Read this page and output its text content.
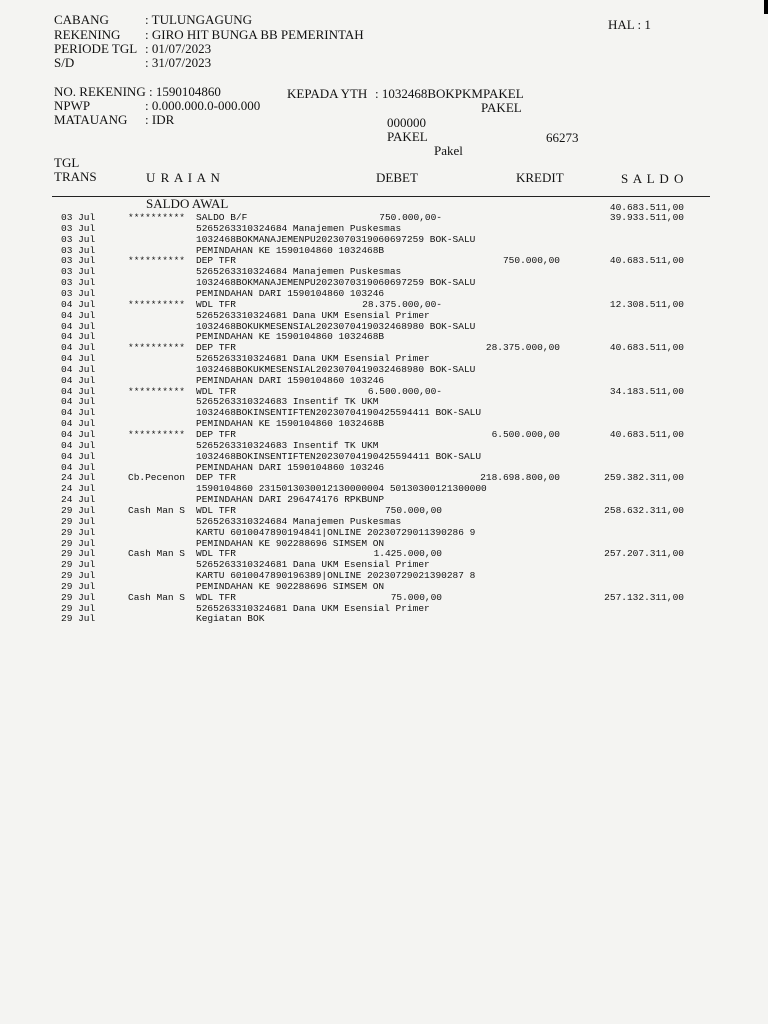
CABANG	: TULUNGAGUNG
REKENING : GIRO HIT BUNGA BB PEMERINTAH
PERIODE TGL : 01/07/2023
S/D	: 31/07/2023
HAL : 1
NO. REKENING : 1590104860
NPWP	: 0.000.000.0-000.000
MATAUANG : IDR
KEPADA YTH : 1032468BOKPKMPAKEL
PAKEL
000000
PAKEL	66273
Pakel
TGL
TRANS	U R A I A N	DEBET	KREDIT	S A L D O
SALDO AWAL	40.683.511,00
03 Jul	********** SALDO B/F	750.000,00-	39.933.511,00
03 Jul	5265263310324684 Manajemen Puskesmas
03 Jul	1032468BOKMANAJEMENPU2023070319060697259 BOK-SALU
03 Jul	PEMINDAHAN KE 1590104860 1032468B
03 Jul	********** DEP TFR	750.000,00	40.683.511,00
03 Jul	5265263310324684 Manajemen Puskesmas
03 Jul	1032468BOKMANAJEMENPU2023070319060697259 BOK-SALU
03 Jul	PEMINDAHAN DARI 1590104860 103246
04 Jul	********** WDL TFR	28.375.000,00-	12.308.511,00
04 Jul	5265263310324681 Dana UKM Esensial Primer
04 Jul	1032468BOKUKMESENSIAL2023070419032468980 BOK-SALU
04 Jul	PEMINDAHAN KE 1590104860 1032468B
04 Jul	********** DEP TFR	28.375.000,00	40.683.511,00
04 Jul	5265263310324681 Dana UKM Esensial Primer
04 Jul	1032468BOKUKMESENSIAL2023070419032468980 BOK-SALU
04 Jul	PEMINDAHAN DARI 1590104860 103246
04 Jul	********** WDL TFR	6.500.000,00-	34.183.511,00
04 Jul	5265263310324683 Insentif TK UKM
04 Jul	1032468BOKINSENTIFTEN20230704190425594411 BOK-SALU
04 Jul	PEMINDAHAN KE 1590104860 1032468B
04 Jul	********** DEP TFR	6.500.000,00	40.683.511,00
04 Jul	5265263310324683 Insentif TK UKM
04 Jul	1032468BOKINSENTIFTEN20230704190425594411 BOK-SALU
04 Jul	PEMINDAHAN DARI 1590104860 103246
24 Jul	Cb.Pecenon DEP TFR	218.698.800,00	259.382.311,00
24 Jul	1590104860 2315013030012130000004 50130300121300000
24 Jul	PEMINDAHAN DARI 296474176 RPKBUNP
29 Jul	Cash Man S WDL TFR	750.000,00	258.632.311,00
29 Jul	5265263310324684 Manajemen Puskesmas
29 Jul	KARTU 6010047890194841|ONLINE 20230729011390286 9
29 Jul	PEMINDAHAN KE 902288696 SIMSEM ON
29 Jul	Cash Man S WDL TFR	1.425.000,00	257.207.311,00
29 Jul	5265263310324681 Dana UKM Esensial Primer
29 Jul	KARTU 6010047890196389|ONLINE 20230729021390287 8
29 Jul	PEMINDAHAN KE 902288696 SIMSEM ON
29 Jul	Cash Man S WDL TFR	75.000,00	257.132.311,00
29 Jul	5265263310324681 Dana UKM Esensial Primer
29 Jul	Kegiatan BOK
